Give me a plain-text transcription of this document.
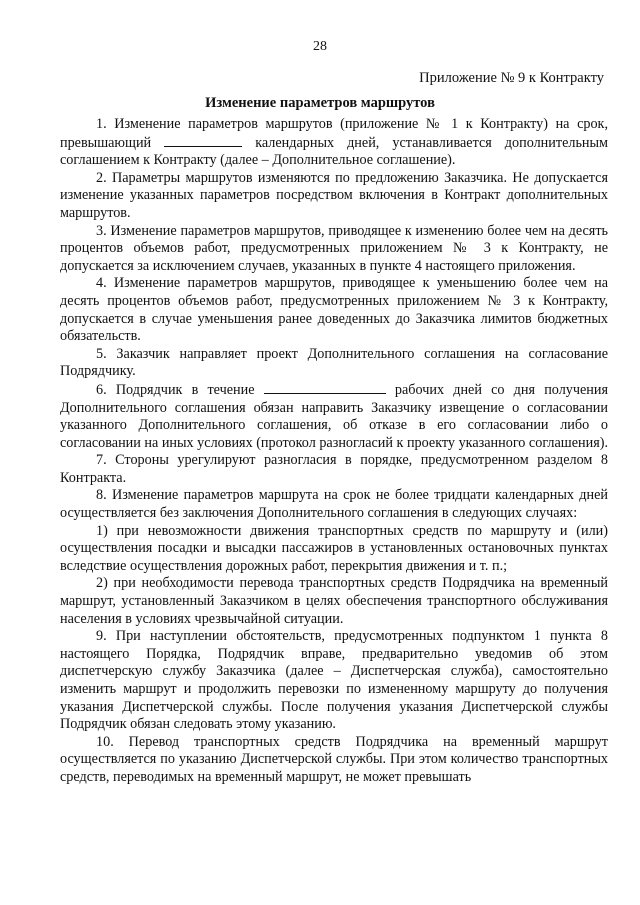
28
Приложение № 9 к Контракту
Изменение параметров маршрутов

1. Изменение параметров маршрутов (приложение № 1 к Контракту) на срок, превышающий	календарных дней, устанавливается дополнительным соглашением к Контракту (далее – Дополнительное соглашение).

2. Параметры маршрутов изменяются по предложению Заказчика. Не допускается изменение указанных параметров посредством включения в Контракт дополнительных маршрутов.

3. Изменение параметров маршрутов, приводящее к изменению более чем на десять процентов объемов работ, предусмотренных приложением № 3 к Контракту, не допускается за исключением случаев, указанных в пункте 4 настоящего приложения.

4. Изменение параметров маршрутов, приводящее к уменьшению более чем на десять процентов объемов работ, предусмотренных приложением № 3 к Контракту, допускается в случае уменьшения ранее доведенных до Заказчика лимитов бюджетных обязательств.

5. Заказчик направляет проект Дополнительного соглашения на согласование Подрядчику.

6. Подрядчик в течение	рабочих дней со дня получения Дополнительного соглашения обязан направить Заказчику извещение о согласовании указанного Дополнительного соглашения, об отказе в его согласовании либо о согласовании на иных условиях (протокол разногласий к проекту указанного соглашения).

7. Стороны урегулируют разногласия в порядке, предусмотренном разделом 8 Контракта.

8. Изменение параметров маршрута на срок не более тридцати календарных дней осуществляется без заключения Дополнительного соглашения в следующих случаях:

1) при невозможности движения транспортных средств по маршруту и (или) осуществления посадки и высадки пассажиров в установленных остановочных пунктах вследствие осуществления дорожных работ, перекрытия движения и т. п.;

2) при необходимости перевода транспортных средств Подрядчика на временный маршрут, установленный Заказчиком в целях обеспечения транспортного обслуживания населения в условиях чрезвычайной ситуации.

9. При наступлении обстоятельств, предусмотренных подпунктом 1 пункта 8 настоящего Порядка, Подрядчик вправе, предварительно уведомив об этом диспетчерскую службу Заказчика (далее – Диспетчерская служба), самостоятельно изменить маршрут и продолжить перевозки по измененному маршруту до получения указания Диспетчерской службы. После получения указания Диспетчерской службы Подрядчик обязан следовать этому указанию.

10. Перевод транспортных средств Подрядчика на временный маршрут осуществляется по указанию Диспетчерской службы. При этом количество транспортных средств, переводимых на временный маршрут, не может превышать
